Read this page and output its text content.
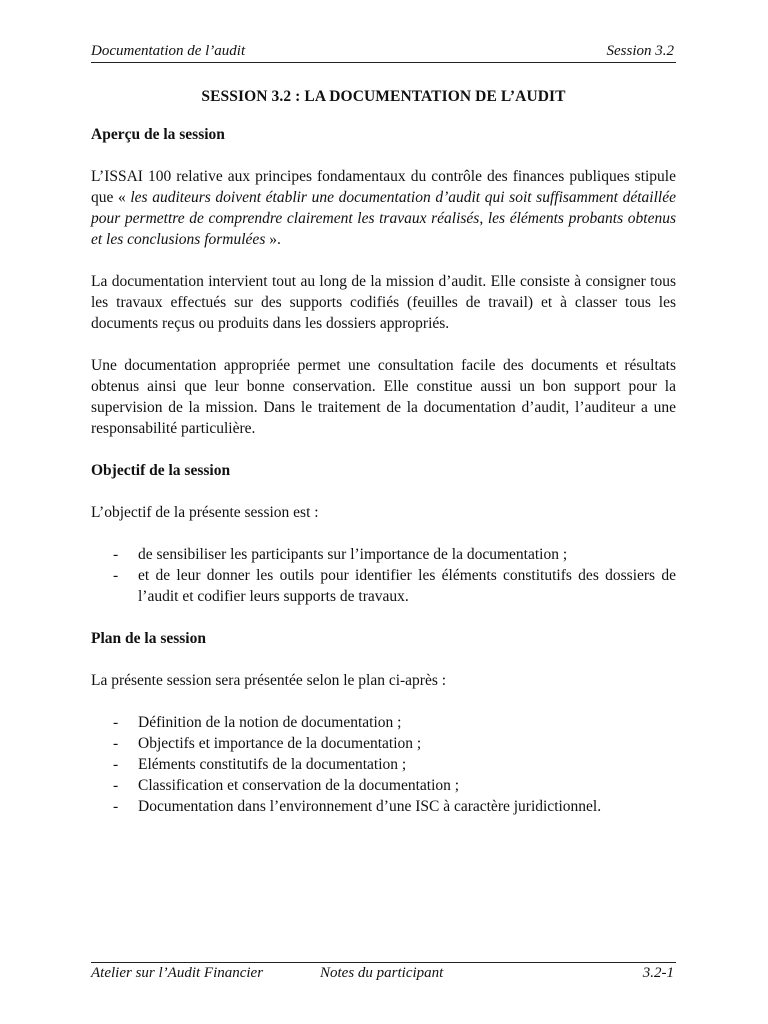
Documentation de l’audit	Session 3.2
SESSION 3.2 : LA DOCUMENTATION DE L’AUDIT
Aperçu de la session

L’ISSAI 100 relative aux principes fondamentaux du contrôle des finances publiques stipule que « les auditeurs doivent établir une documentation d’audit qui soit suffisamment détaillée pour permettre de comprendre clairement les travaux réalisés, les éléments probants obtenus et les conclusions formulées ».

La documentation intervient tout au long de la mission d’audit. Elle consiste à consigner tous les travaux effectués sur des supports codifiés (feuilles de travail) et à classer tous les documents reçus ou produits dans les dossiers appropriés.

Une documentation appropriée permet une consultation facile des documents et résultats obtenus ainsi que leur bonne conservation. Elle constitue aussi un bon support pour la supervision de la mission. Dans le traitement de la documentation d’audit, l’auditeur a une responsabilité particulière.

Objectif de la session

L’objectif de la présente session est :

- de sensibiliser les participants sur l’importance de la documentation ;
- et de leur donner les outils pour identifier les éléments constitutifs des dossiers de l’audit et codifier leurs supports de travaux.
Plan de la session

La présente session sera présentée selon le plan ci-après :

- Définition de la notion de documentation ;
- Objectifs et importance de la documentation ;
- Eléments constitutifs de la documentation ;
- Classification et conservation de la documentation ;
- Documentation dans l’environnement d’une ISC à caractère juridictionnel.
Atelier sur l’Audit Financier	Notes du participant	3.2-1
